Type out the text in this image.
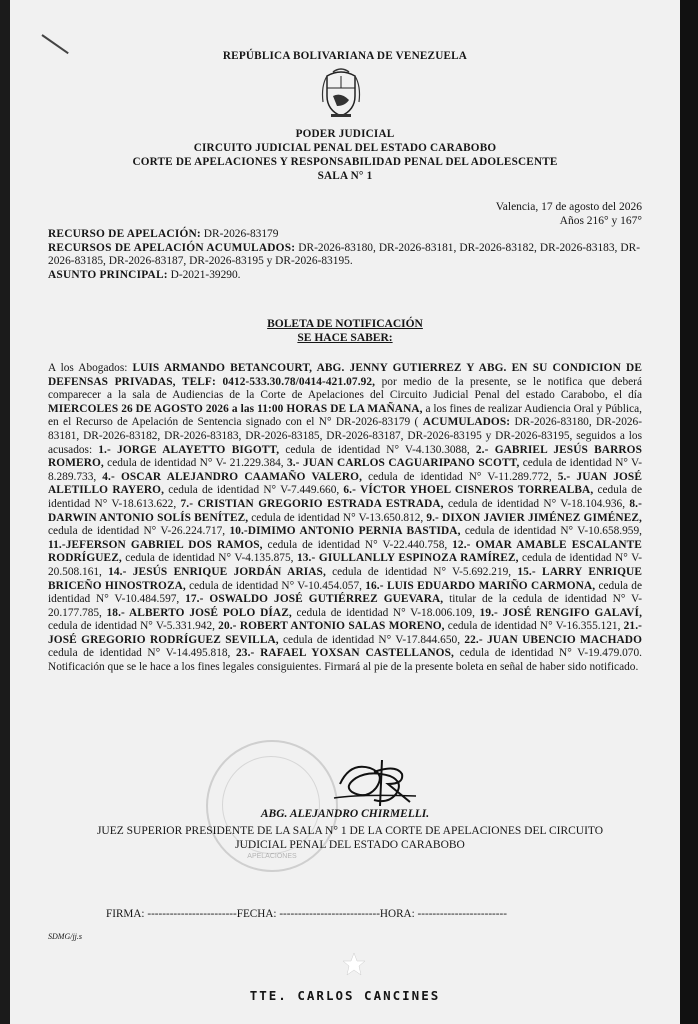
REPÚBLICA BOLIVARIANA DE VENEZUELA
PODER JUDICIAL
CIRCUITO JUDICIAL PENAL DEL ESTADO CARABOBO
CORTE DE APELACIONES Y RESPONSABILIDAD PENAL DEL ADOLESCENTE
SALA N° 1
Valencia, 17 de agosto del 2026
Años 216° y 167°
RECURSO DE APELACIÓN: DR-2026-83179
RECURSOS DE APELACIÓN ACUMULADOS: DR-2026-83180, DR-2026-83181, DR-2026-83182, DR-2026-83183, DR-2026-83185, DR-2026-83187, DR-2026-83195 y DR-2026-83195.
ASUNTO PRINCIPAL: D-2021-39290.
BOLETA DE NOTIFICACIÓN
SE HACE SABER:
A los Abogados: LUIS ARMANDO BETANCOURT, ABG. JENNY GUTIERREZ Y ABG. EN SU CONDICION DE DEFENSAS PRIVADAS, TELF: 0412-533.30.78/0414-421.07.92, por medio de la presente, se le notifica que deberá comparecer a la sala de Audiencias de la Corte de Apelaciones del Circuito Judicial Penal del estado Carabobo, el día MIERCOLES 26 DE AGOSTO 2026 a las 11:00 HORAS DE LA MAÑANA, a los fines de realizar Audiencia Oral y Pública, en el Recurso de Apelación de Sentencia signado con el N° DR-2026-83179 ( ACUMULADOS: DR-2026-83180, DR-2026-83181, DR-2026-83182, DR-2026-83183, DR-2026-83185, DR-2026-83187, DR-2026-83195 y DR-2026-83195, seguidos a los acusados: 1.- JORGE ALAYETTO BIGOTT, cedula de identidad N° V-4.130.3088, 2.- GABRIEL JESÚS BARROS ROMERO, cedula de identidad N° V- 21.229.384, 3.- JUAN CARLOS CAGUARIPANO SCOTT, cedula de identidad N° V-8.289.733, 4.- OSCAR ALEJANDRO CAAMAÑO VALERO, cedula de identidad N° V-11.289.772, 5.- JUAN JOSÉ ALETILLO RAYERO, cedula de identidad N° V-7.449.660, 6.- VÍCTOR YHOEL CISNEROS TORREALBA, cedula de identidad N° V-18.613.622, 7.- CRISTIAN GREGORIO ESTRADA ESTRADA, cedula de identidad N° V-18.104.936, 8.-DARWIN ANTONIO SOLÍS BENÍTEZ, cedula de identidad N° V-13.650.812, 9.- DIXON JAVIER JIMÉNEZ GIMÉNEZ, cedula de identidad N° V-26.224.717, 10.-DIMIMO ANTONIO PERNIA BASTIDA, cedula de identidad N° V-10.658.959, 11.-JEFERSON GABRIEL DOS RAMOS, cedula de identidad N° V-22.440.758, 12.- OMAR AMABLE ESCALANTE RODRÍGUEZ, cedula de identidad N° V-4.135.875, 13.- GIULLANLLY ESPINOZA RAMÍREZ, cedula de identidad N° V-20.508.161, 14.- JESÚS ENRIQUE JORDÁN ARIAS, cedula de identidad N° V-5.692.219, 15.- LARRY ENRIQUE BRICEÑO HINOSTROZA, cedula de identidad N° V-10.454.057, 16.- LUIS EDUARDO MARIÑO CARMONA, cedula de identidad N° V-10.484.597, 17.- OSWALDO JOSÉ GUTIÉRREZ GUEVARA, titular de la cedula de identidad N° V-20.177.785, 18.- ALBERTO JOSÉ POLO DÍAZ, cedula de identidad N° V-18.006.109, 19.- JOSÉ RENGIFO GALAVÍ, cedula de identidad N° V-5.331.942, 20.- ROBERT ANTONIO SALAS MORENO, cedula de identidad N° V-16.355.121, 21.- JOSÉ GREGORIO RODRÍGUEZ SEVILLA, cedula de identidad N° V-17.844.650, 22.- JUAN UBENCIO MACHADO cedula de identidad N° V-14.495.818, 23.- RAFAEL YOXSAN CASTELLANOS, cedula de identidad N° V-19.479.070. Notificación que se le hace a los fines legales consiguientes. Firmará al pie de la presente boleta en señal de haber sido notificado.
APELACIONES
ABG. ALEJANDRO CHIRMELLI.
JUEZ SUPERIOR PRESIDENTE DE LA SALA N° 1 DE LA CORTE DE APELACIONES DEL CIRCUITO JUDICIAL PENAL DEL ESTADO CARABOBO
FIRMA: ------------------------FECHA: ---------------------------HORA: ------------------------
SDMG/jj.s
TTE. CARLOS CANCINES
